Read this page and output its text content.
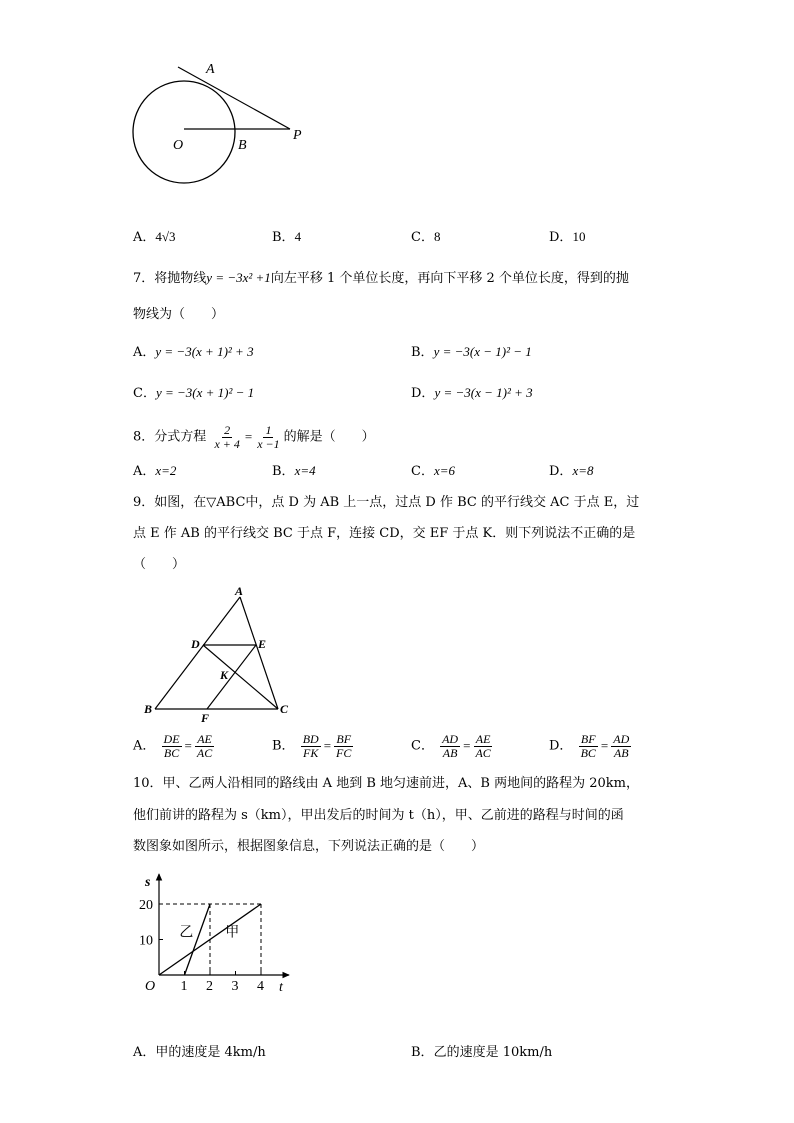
A
O	B
P
A．4√3	B．4	C．8	D．10
7．将抛物线y = −3x² +1向左平移 1 个单位长度，再向下平移 2 个单位长度，得到的抛
物线为（　　）
A．y = −3(x + 1)² + 3	B．y = −3(x − 1)² − 1
C．y = −3(x + 1)² − 1	D．y = −3(x − 1)² + 3
8．分式方程 $\frac{2}{x + 4} = \frac{1}{x -1}$ 的解是（　　）
A．x=2	B．x=4	C．x=6	D．x=8
9．如图，在▽ABC中，点 D 为 AB 上一点，过点 D 作 BC 的平行线交 AC 于点 E，过
点 E 作 AB 的平行线交 BC 于点 F，连接 CD，交 EF 于点 K．则下列说法不正确的是
（　　）
A
D	E
K
B
F
C
A． $\frac{DE}{BC} = \frac{AE}{AC}$	B． $\frac{BD}{FK} = \frac{BF}{FC}$	C． $\frac{AD}{AB} = \frac{AE}{AC}$	D． $\frac{BF}{BC} = \frac{AD}{AB}$
10．甲、乙两人沿相同的路线由 A 地到 B 地匀速前进，A、B 两地间的路程为 20km，
他们前讲的路程为 s（km），甲出发后的时间为 t（h），甲、乙前进的路程与时间的函
数图象如图所示，根据图象信息，下列说法正确的是（　　）
s
t
O 1 2 3 4
10
20
甲
乙
A．甲的速度是 4km/h	B．乙的速度是 10km/h
